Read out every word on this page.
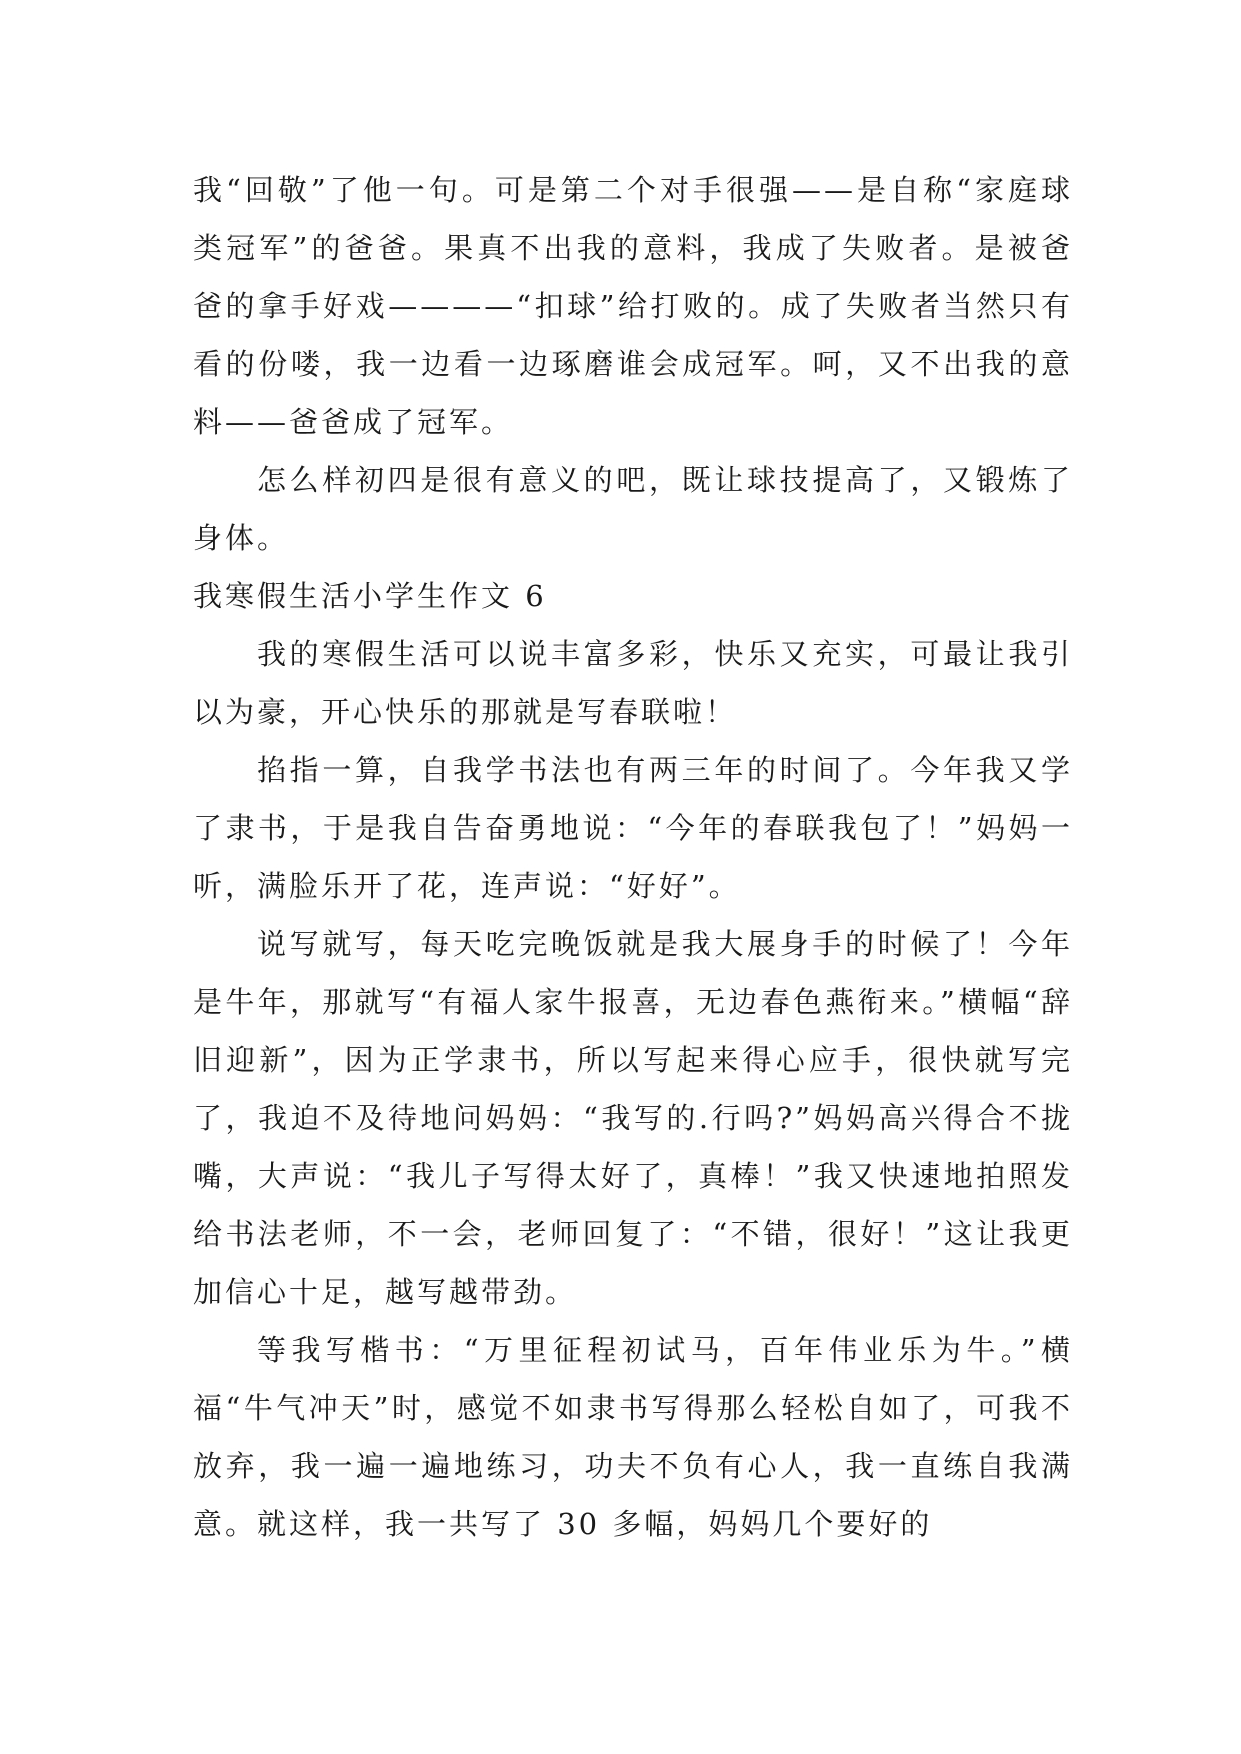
我“回敬”了他一句。可是第二个对手很强——是自称“家庭球类冠军”的爸爸。果真不出我的意料，我成了失败者。是被爸爸的拿手好戏————“扣球”给打败的。成了失败者当然只有看的份喽，我一边看一边琢磨谁会成冠军。呵，又不出我的意料——爸爸成了冠军。

怎么样初四是很有意义的吧，既让球技提高了，又锻炼了身体。

我寒假生活小学生作文 6

我的寒假生活可以说丰富多彩，快乐又充实，可最让我引以为豪，开心快乐的那就是写春联啦！

掐指一算，自我学书法也有两三年的时间了。今年我又学了隶书，于是我自告奋勇地说：“今年的春联我包了！”妈妈一听，满脸乐开了花，连声说：“好好”。

说写就写，每天吃完晚饭就是我大展身手的时候了！今年是牛年，那就写“有福人家牛报喜，无边春色燕衔来。”横幅“辞旧迎新”，因为正学隶书，所以写起来得心应手，很快就写完了，我迫不及待地问妈妈：“我写的.行吗?”妈妈高兴得合不拢嘴，大声说：“我儿子写得太好了，真棒！”我又快速地拍照发给书法老师，不一会，老师回复了：“不错，很好！”这让我更加信心十足，越写越带劲。

等我写楷书：“万里征程初试马，百年伟业乐为牛。”横福“牛气冲天”时，感觉不如隶书写得那么轻松自如了，可我不放弃，我一遍一遍地练习，功夫不负有心人，我一直练自我满意。就这样，我一共写了 30 多幅，妈妈几个要好的
